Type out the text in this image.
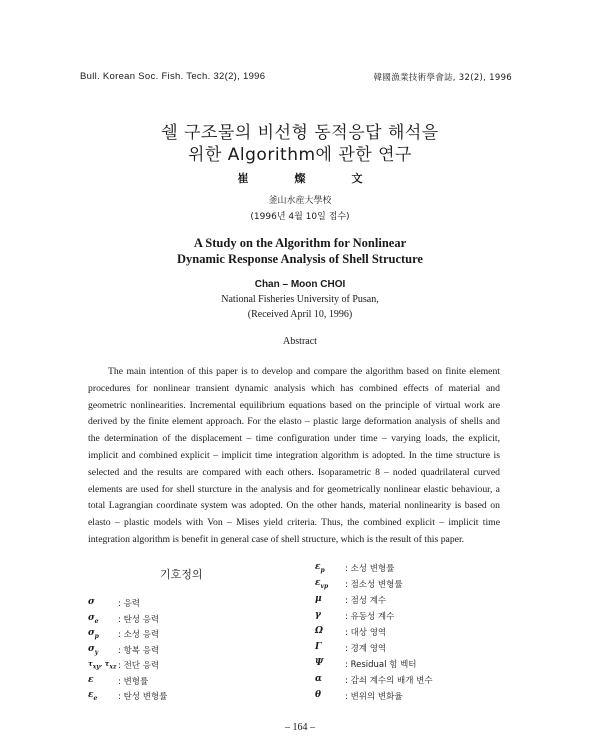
Bull. Korean Soc. Fish. Tech. 32(2), 1996	韓國漁業技術學會誌, 32(2), 1996
쉘 구조물의 비선형 동적응답 해석을
위한 Algorithm에 관한 연구
崔	燦	文
釜山水産大學校
(1996년 4월 10일 접수)
A Study on the Algorithm for Nonlinear
Dynamic Response Analysis of Shell Structure
Chan – Moon CHOI
National Fisheries University of Pusan,
(Received April 10, 1996)
Abstract

The main intention of this paper is to develop and compare the algorithm based on finite element procedures for nonlinear transient dynamic analysis which has combined effects of material and geometric nonlinearities. Incremental equilibrium equations based on the principle of virtual work are derived by the finite element approach. For the elasto – plastic large deformation analysis of shells and the determination of the displacement – time configuration under time – varying loads, the explicit, implicit and combined explicit – implicit time integration algorithm is adopted. In the time structure is selected and the results are compared with each others. Isoparametric 8 – noded quadrilateral curved elements are used for shell sturcture in the analysis and for geometrically nonlinear elastic behaviour, a total Lagrangian coordinate system was adopted. On the other hands, material nonlinearity is based on elasto – plastic models with Von – Mises yield criteria. Thus, the combined explicit – implicit time integration algorithm is benefit in general case of shell structure, which is the result of this paper.

기호정의
σ	: 응력
$\sigma_e$ : 탄성 응력
$\sigma_p$ : 소성 응력
$\sigma_y$ : 항복 응력
$\tau_{xy}$, $\tau_{xz}$ : 전단 응력
ε	: 변형률
$\varepsilon_e$ : 탄성 변형률
$\varepsilon_p$ : 소성 변형률
$\varepsilon_{vp}$ : 점소성 변형률
μ	: 점성 계수
γ	: 유동성 계수
Ω	: 대상 영역
Γ	: 경계 영역
Ψ	: Residual 힘 벡터
α	: 감쇠 계수의 배개 변수
θ	: 변위의 변화율
– 164 –
